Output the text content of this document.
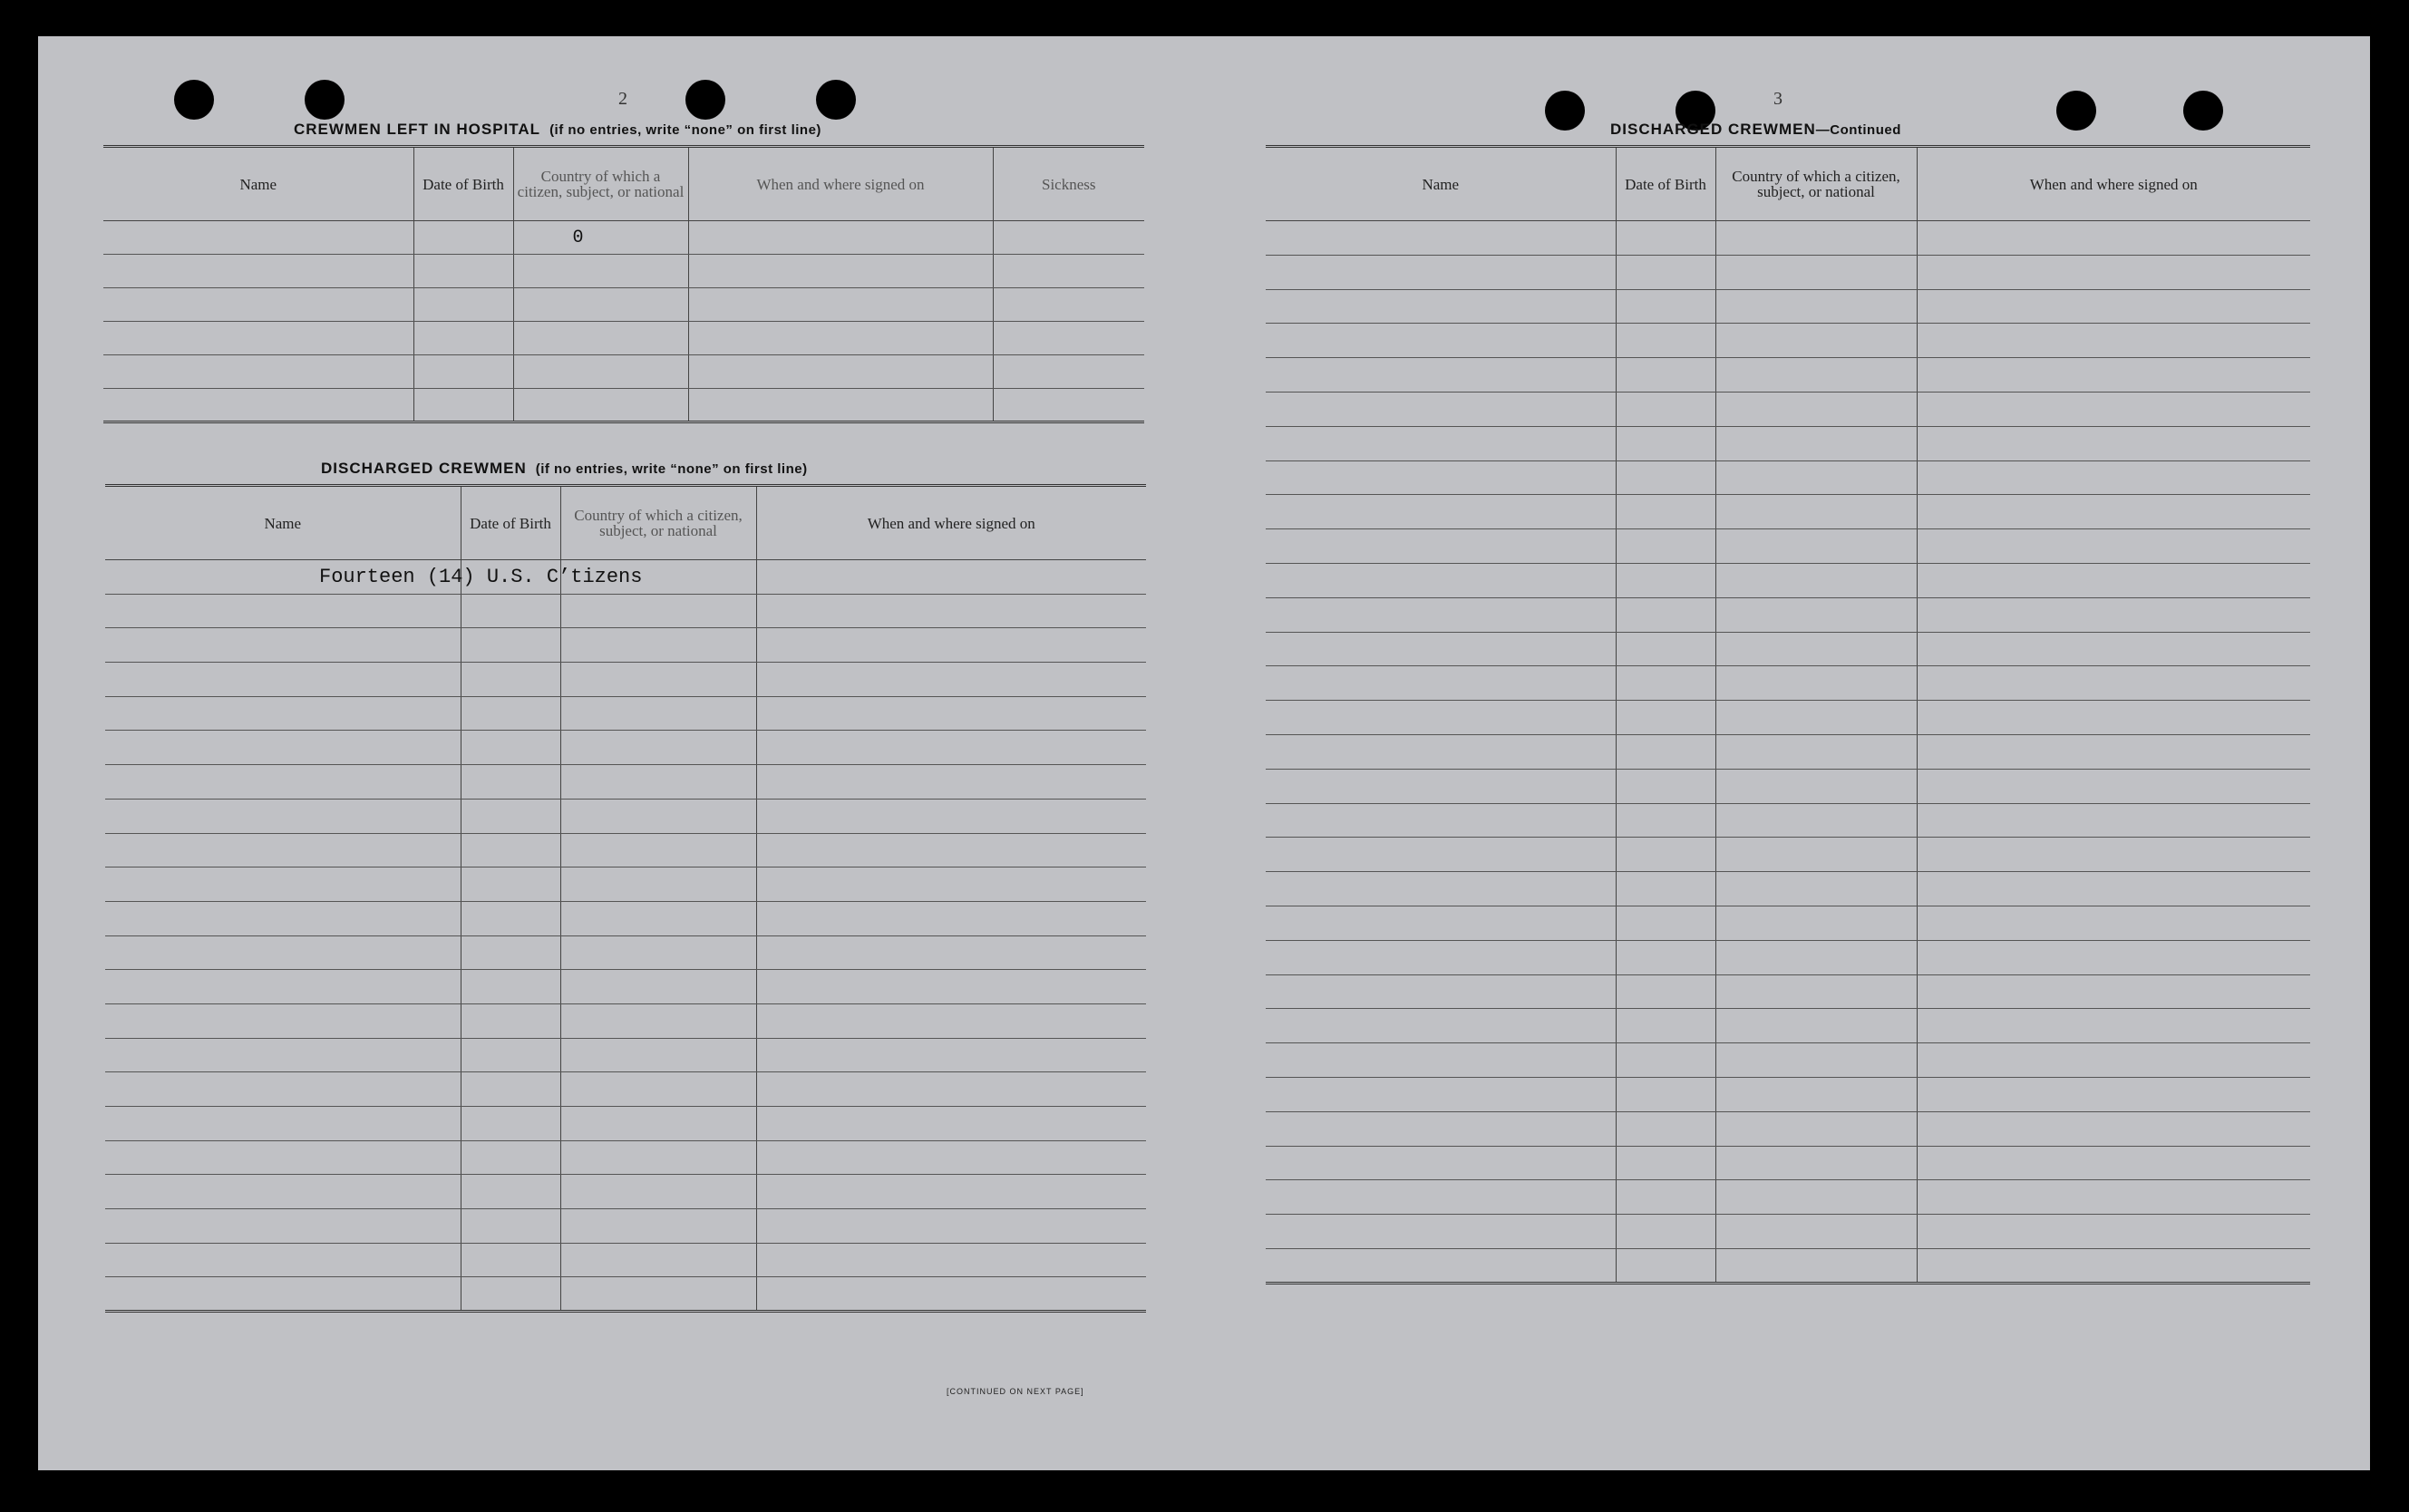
2	3
CREWMEN LEFT IN HOSPITAL (if no entries, write “none” on first line)
Name	Date of Birth	Country of which a citizen, subject, or national	When and where signed on	Sickness
		0		

DISCHARGED CREWMEN (if no entries, write “none” on first line)
Name	Date of Birth	Country of which a citizen, subject, or national	When and where signed on
Fourteen (14) U.S. C’tizens			

[CONTINUED ON NEXT PAGE]
DISCHARGED CREWMEN—Continued
Name	Date of Birth	Country of which a citizen, subject, or national	When and where signed on
